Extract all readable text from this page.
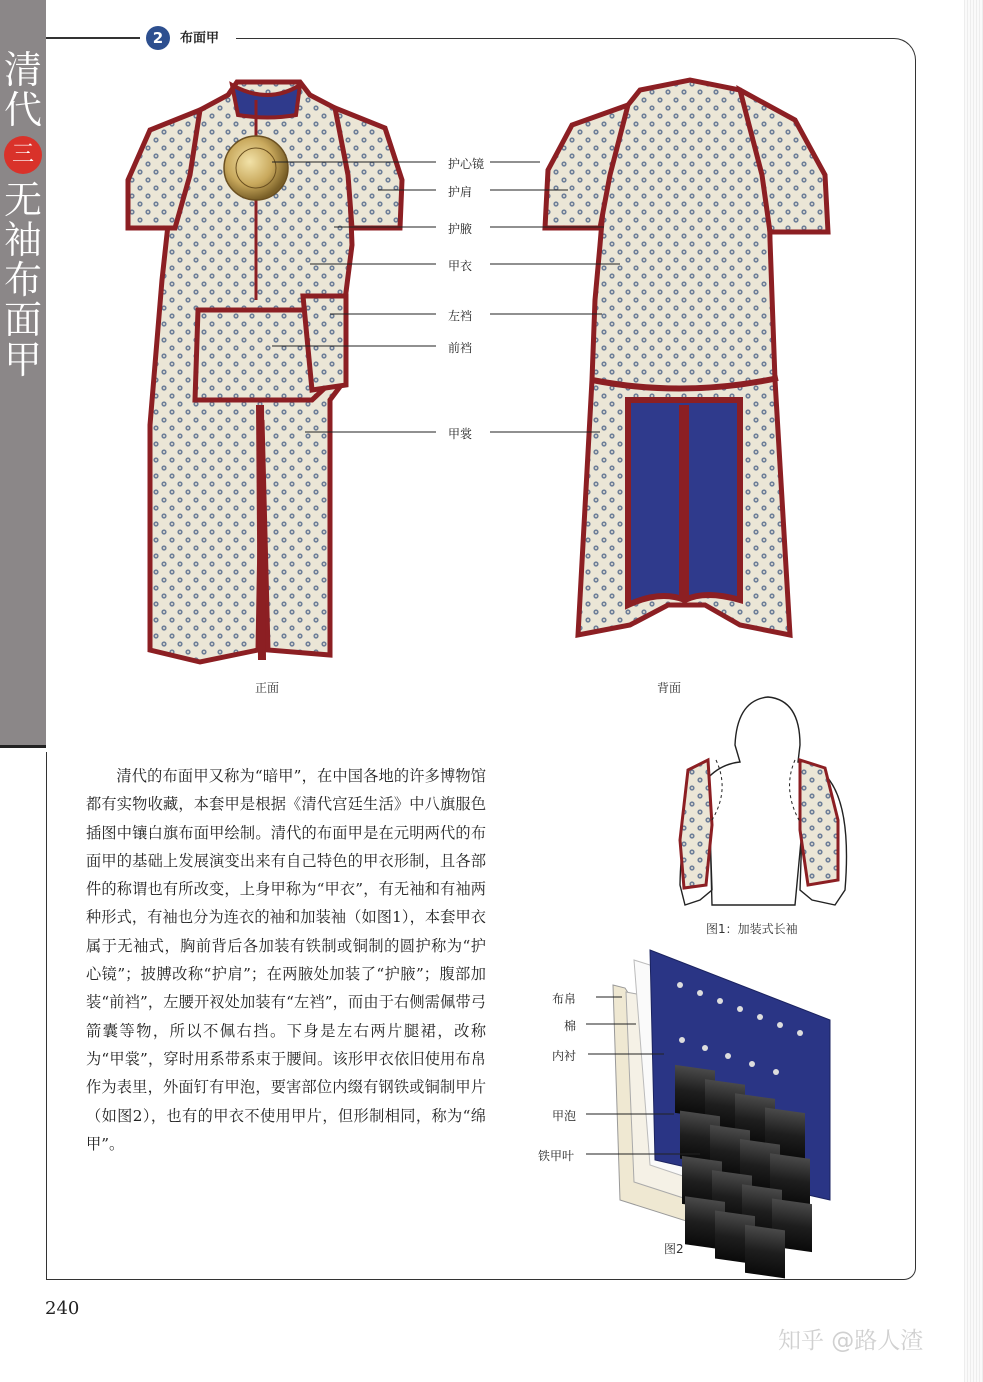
清
代
三
无
袖
布
面
甲
2	布面甲
护心镜
护肩
护腋
甲衣
左裆
前裆
甲裳
正面	背面
图1：加装式长袖
布帛
棉
内衬
甲泡
铁甲叶
图2

清代的布面甲又称为“暗甲”，在中国各地的许多博物馆都有实物收藏，本套甲是根据《清代宫廷生活》中八旗服色插图中镶白旗布面甲绘制。清代的布面甲是在元明两代的布面甲的基础上发展演变出来有自己特色的甲衣形制，且各部件的称谓也有所改变，上身甲称为“甲衣”，有无袖和有袖两种形式，有袖也分为连衣的袖和加装袖（如图1），本套甲衣属于无袖式，胸前背后各加装有铁制或铜制的圆护称为“护心镜”；披膊改称“护肩”；在两腋处加装了“护腋”；腹部加装“前裆”，左腰开衩处加装有“左裆”，而由于右侧需佩带弓箭囊等物，所以不佩右挡。下身是左右两片腿裙，改称为“甲裳”，穿时用系带系束于腰间。该形甲衣依旧使用布帛作为表里，外面钉有甲泡，要害部位内缀有钢铁或铜制甲片（如图2），也有的甲衣不使用甲片，但形制相同，称为“绵甲”。

240
知乎 @路人渣
